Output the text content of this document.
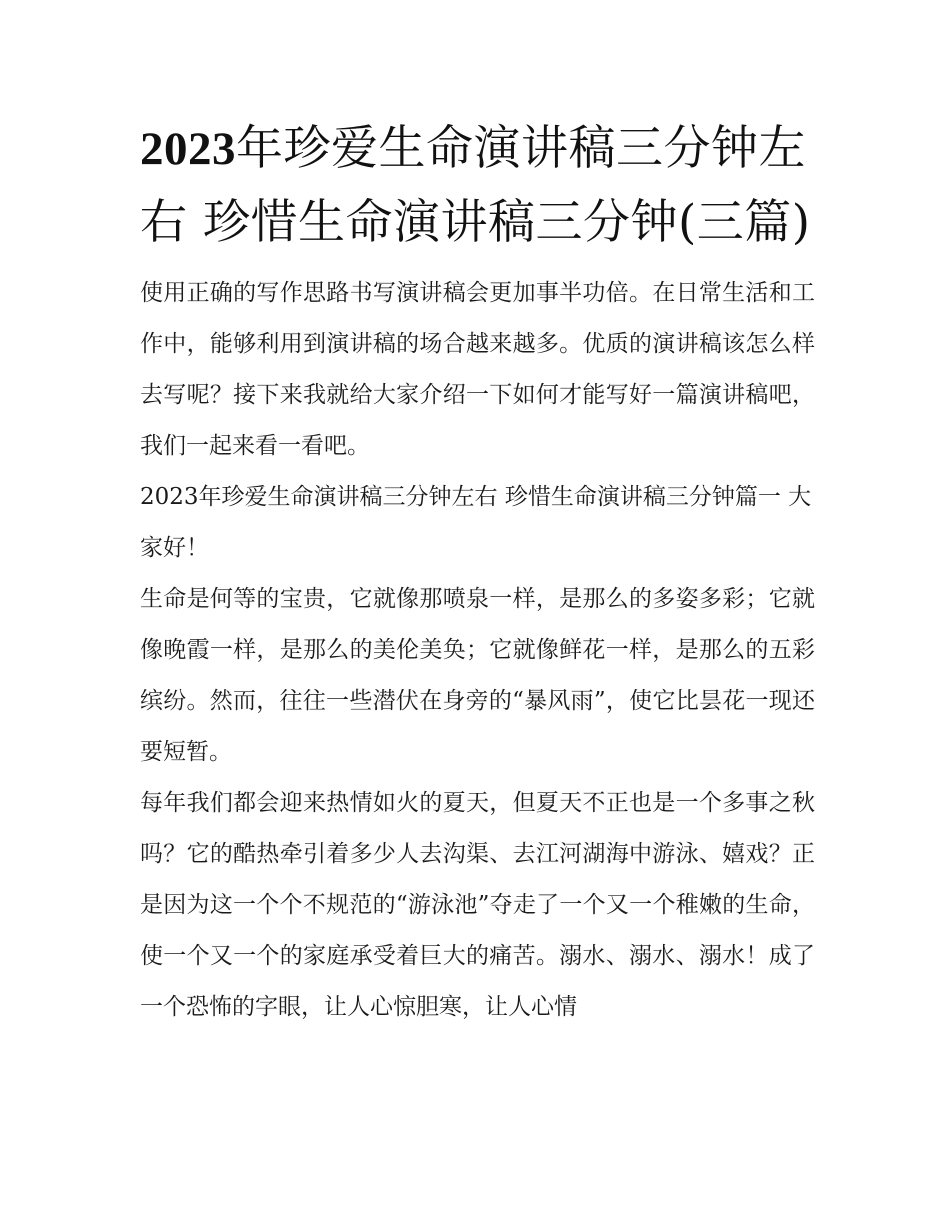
2023年珍爱生命演讲稿三分钟左右 珍惜生命演讲稿三分钟(三篇)

使用正确的写作思路书写演讲稿会更加事半功倍。在日常生活和工作中，能够利用到演讲稿的场合越来越多。优质的演讲稿该怎么样去写呢？接下来我就给大家介绍一下如何才能写好一篇演讲稿吧，我们一起来看一看吧。

2023年珍爱生命演讲稿三分钟左右 珍惜生命演讲稿三分钟篇一 大家好！

生命是何等的宝贵，它就像那喷泉一样，是那么的多姿多彩；它就像晚霞一样，是那么的美伦美奂；它就像鲜花一样，是那么的五彩缤纷。然而，往往一些潜伏在身旁的“暴风雨”，使它比昙花一现还要短暂。

每年我们都会迎来热情如火的夏天，但夏天不正也是一个多事之秋吗？它的酷热牵引着多少人去沟渠、去江河湖海中游泳、嬉戏？正是因为这一个个不规范的“游泳池”夺走了一个又一个稚嫩的生命，使一个又一个的家庭承受着巨大的痛苦。溺水、溺水、溺水！成了一个恐怖的字眼，让人心惊胆寒，让人心情
